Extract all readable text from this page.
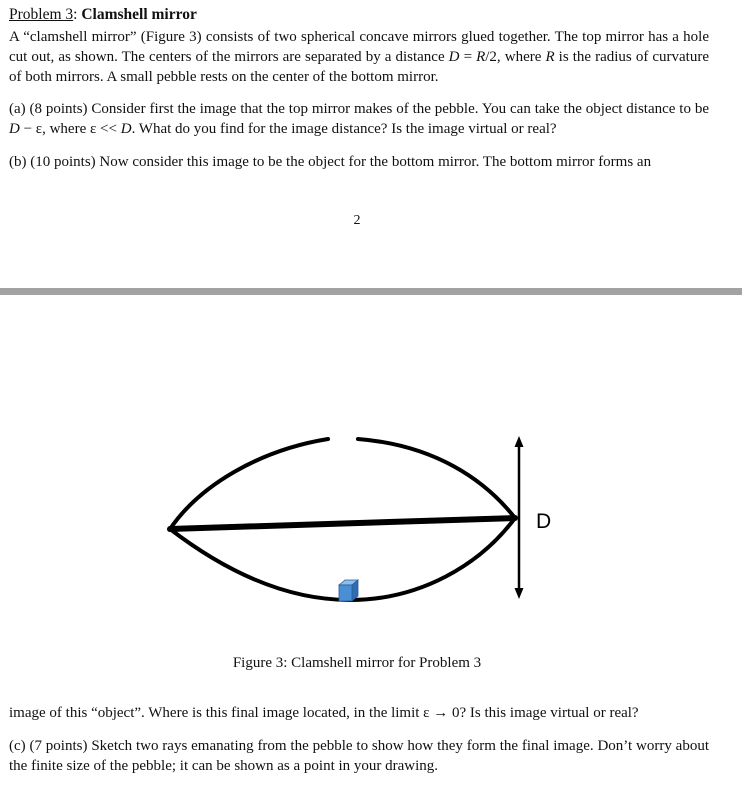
Problem 3: Clamshell mirror
A “clamshell mirror” (Figure 3) consists of two spherical concave mirrors glued together. The top mirror has a hole cut out, as shown. The centers of the mirrors are separated by a distance D = R/2, where R is the radius of curvature of both mirrors. A small pebble rests on the center of the bottom mirror.
(a) (8 points) Consider first the image that the top mirror makes of the pebble. You can take the object distance to be D − ε, where ε << D. What do you find for the image distance? Is the image virtual or real?
(b) (10 points) Now consider this image to be the object for the bottom mirror. The bottom mirror forms an
2
D
Figure 3: Clamshell mirror for Problem 3
image of this “object”. Where is this final image located, in the limit ε → 0? Is this image virtual or real?
(c) (7 points) Sketch two rays emanating from the pebble to show how they form the final image. Don’t worry about the finite size of the pebble; it can be shown as a point in your drawing.
